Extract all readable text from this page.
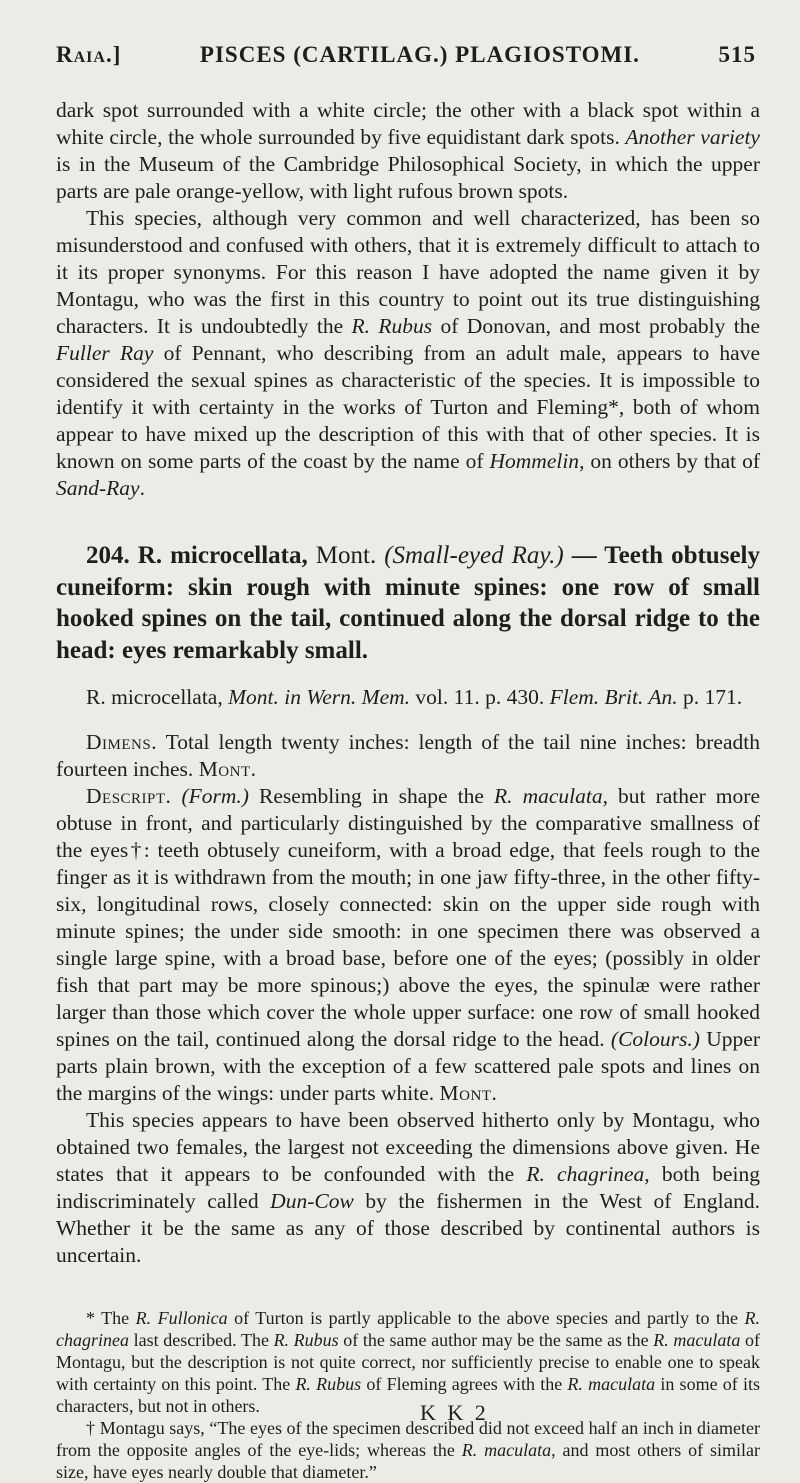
Raia.]	PISCES (CARTILAG.) PLAGIOSTOMI.	515

dark spot surrounded with a white circle; the other with a black spot within a white circle, the whole surrounded by five equidistant dark spots. Another variety is in the Museum of the Cambridge Philosophical Society, in which the upper parts are pale orange-yellow, with light rufous brown spots.

This species, although very common and well characterized, has been so misunderstood and confused with others, that it is extremely difficult to attach to it its proper synonyms. For this reason I have adopted the name given it by Montagu, who was the first in this country to point out its true distinguishing characters. It is undoubtedly the R. Rubus of Donovan, and most probably the Fuller Ray of Pennant, who describing from an adult male, appears to have considered the sexual spines as characteristic of the species. It is impossible to identify it with certainty in the works of Turton and Fleming*, both of whom appear to have mixed up the description of this with that of other species. It is known on some parts of the coast by the name of Hommelin, on others by that of Sand-Ray.

204. R. microcellata, Mont. (Small-eyed Ray.) — Teeth obtusely cuneiform: skin rough with minute spines: one row of small hooked spines on the tail, continued along the dorsal ridge to the head: eyes remarkably small.

R. microcellata, Mont. in Wern. Mem. vol. 11. p. 430. Flem. Brit. An. p. 171.

Dimens. Total length twenty inches: length of the tail nine inches: breadth fourteen inches. Mont.

Descript. (Form.) Resembling in shape the R. maculata, but rather more obtuse in front, and particularly distinguished by the comparative smallness of the eyes†: teeth obtusely cuneiform, with a broad edge, that feels rough to the finger as it is withdrawn from the mouth; in one jaw fifty-three, in the other fifty-six, longitudinal rows, closely connected: skin on the upper side rough with minute spines; the under side smooth: in one specimen there was observed a single large spine, with a broad base, before one of the eyes; (possibly in older fish that part may be more spinous;) above the eyes, the spinulæ were rather larger than those which cover the whole upper surface: one row of small hooked spines on the tail, continued along the dorsal ridge to the head. (Colours.) Upper parts plain brown, with the exception of a few scattered pale spots and lines on the margins of the wings: under parts white. Mont.

This species appears to have been observed hitherto only by Montagu, who obtained two females, the largest not exceeding the dimensions above given. He states that it appears to be confounded with the R. chagrinea, both being indiscriminately called Dun-Cow by the fishermen in the West of England. Whether it be the same as any of those described by continental authors is uncertain.

* The R. Fullonica of Turton is partly applicable to the above species and partly to the R. chagrinea last described. The R. Rubus of the same author may be the same as the R. maculata of Montagu, but the description is not quite correct, nor sufficiently precise to enable one to speak with certainty on this point. The R. Rubus of Fleming agrees with the R. maculata in some of its characters, but not in others.

† Montagu says, “The eyes of the specimen described did not exceed half an inch in diameter from the opposite angles of the eye-lids; whereas the R. maculata, and most others of similar size, have eyes nearly double that diameter.”

K K 2
